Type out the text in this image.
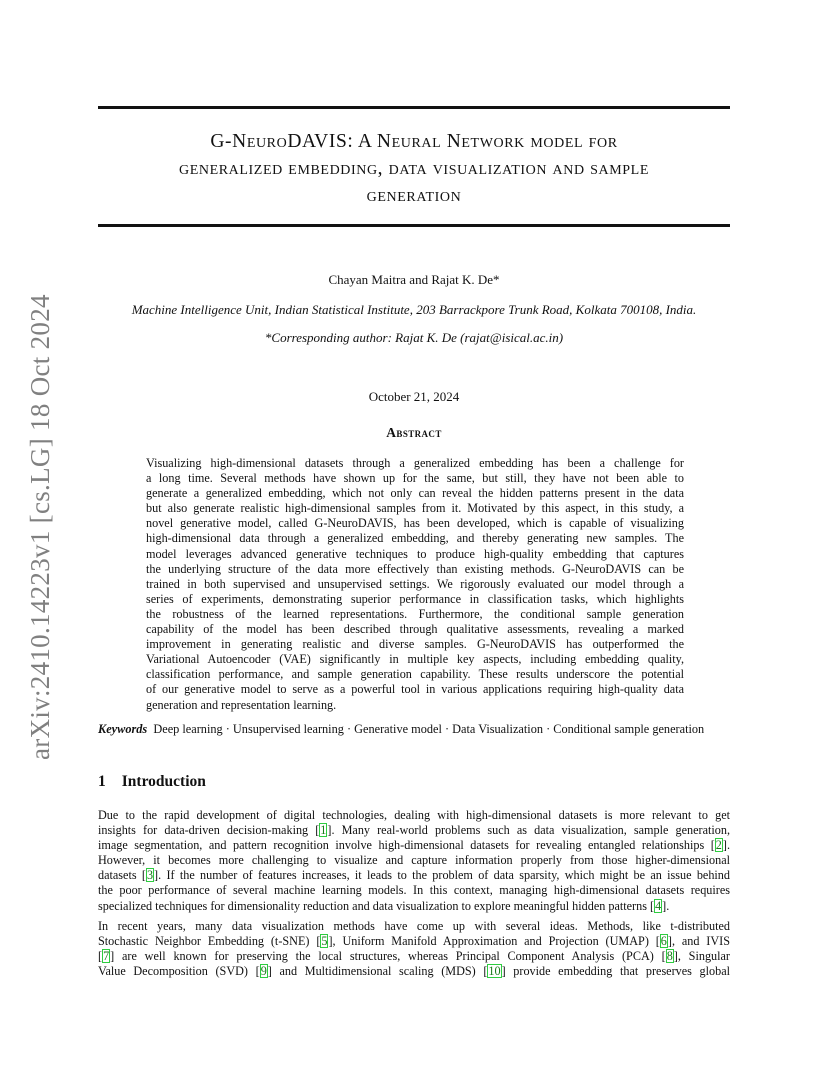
arXiv:2410.14223v1 [cs.LG] 18 Oct 2024
G-NeuroDAVIS: A Neural Network model for
generalized embedding, data visualization and sample
generation
Chayan Maitra and Rajat K. De*
Machine Intelligence Unit, Indian Statistical Institute, 203 Barrackpore Trunk Road, Kolkata 700108, India.
*Corresponding author: Rajat K. De (rajat@isical.ac.in)
October 21, 2024
Abstract
Visualizing high-dimensional datasets through a generalized embedding has been a challenge for
a long time. Several methods have shown up for the same, but still, they have not been able to
generate a generalized embedding, which not only can reveal the hidden patterns present in the data
but also generate realistic high-dimensional samples from it. Motivated by this aspect, in this study, a
novel generative model, called G-NeuroDAVIS, has been developed, which is capable of visualizing
high-dimensional data through a generalized embedding, and thereby generating new samples. The
model leverages advanced generative techniques to produce high-quality embedding that captures
the underlying structure of the data more effectively than existing methods. G-NeuroDAVIS can be
trained in both supervised and unsupervised settings. We rigorously evaluated our model through a
series of experiments, demonstrating superior performance in classification tasks, which highlights
the robustness of the learned representations. Furthermore, the conditional sample generation
capability of the model has been described through qualitative assessments, revealing a marked
improvement in generating realistic and diverse samples. G-NeuroDAVIS has outperformed the
Variational Autoencoder (VAE) significantly in multiple key aspects, including embedding quality,
classification performance, and sample generation capability. These results underscore the potential
of our generative model to serve as a powerful tool in various applications requiring high-quality data
generation and representation learning.
Keywords Deep learning · Unsupervised learning · Generative model · Data Visualization · Conditional sample generation
1 Introduction
Due to the rapid development of digital technologies, dealing with high-dimensional datasets is more relevant to get
insights for data-driven decision-making [1]. Many real-world problems such as data visualization, sample generation,
image segmentation, and pattern recognition involve high-dimensional datasets for revealing entangled relationships [2].
However, it becomes more challenging to visualize and capture information properly from those higher-dimensional
datasets [3]. If the number of features increases, it leads to the problem of data sparsity, which might be an issue behind
the poor performance of several machine learning models. In this context, managing high-dimensional datasets requires
specialized techniques for dimensionality reduction and data visualization to explore meaningful hidden patterns [4].
In recent years, many data visualization methods have come up with several ideas. Methods, like t-distributed
Stochastic Neighbor Embedding (t-SNE) [5], Uniform Manifold Approximation and Projection (UMAP) [6], and IVIS
[7] are well known for preserving the local structures, whereas Principal Component Analysis (PCA) [8], Singular
Value Decomposition (SVD) [9] and Multidimensional scaling (MDS) [10] provide embedding that preserves global
